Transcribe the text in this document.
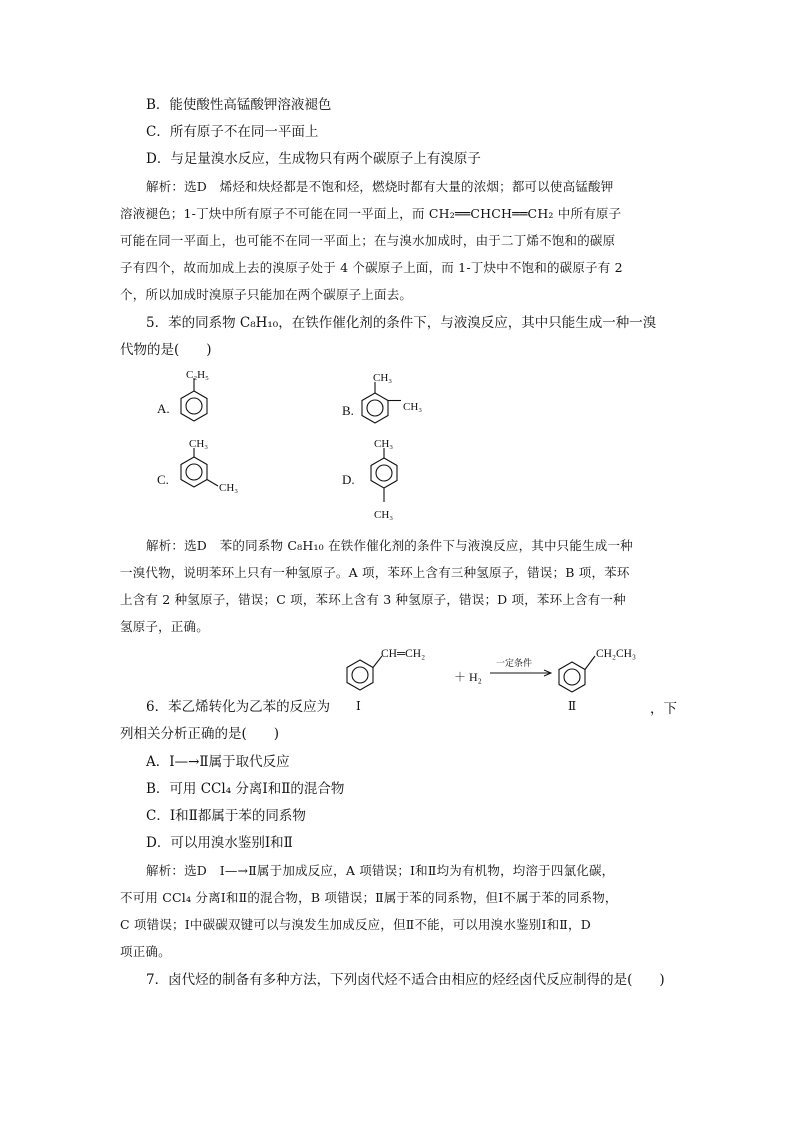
B．能使酸性高锰酸钾溶液褪色
C．所有原子不在同一平面上
D．与足量溴水反应，生成物只有两个碳原子上有溴原子
解析：选D　烯烃和炔烃都是不饱和烃，燃烧时都有大量的浓烟；都可以使高锰酸钾
溶液褪色；1-丁炔中所有原子不可能在同一平面上，而 CH₂══CHCH══CH₂ 中所有原子
可能在同一平面上，也可能不在同一平面上；在与溴水加成时，由于二丁烯不饱和的碳原
子有四个，故而加成上去的溴原子处于 4 个碳原子上面，而 1-丁炔中不饱和的碳原子有 2
个，所以加成时溴原子只能加在两个碳原子上面去。
5．苯的同系物 C₈H₁₀，在铁作催化剂的条件下，与液溴反应，其中只能生成一种一溴
代物的是(　　)
C₂H₅
A.
CH₃
CH₃
B.
CH₃
CH₃
C.
CH₃
CH₃
D.
解析：选D　苯的同系物 C₈H₁₀ 在铁作催化剂的条件下与液溴反应，其中只能生成一种
一溴代物，说明苯环上只有一种氢原子。A 项，苯环上含有三种氢原子，错误；B 项，苯环
上含有 2 种氢原子，错误；C 项，苯环上含有 3 种氢原子，错误；D 项，苯环上含有一种
氢原子，正确。
CH═CH₂
Ⅰ
＋ H₂
一定条件
CH₂CH₃
Ⅱ
6．苯乙烯转化为乙苯的反应为	，下
列相关分析正确的是(　　)
A．Ⅰ—→Ⅱ属于取代反应
B．可用 CCl₄ 分离Ⅰ和Ⅱ的混合物
C．Ⅰ和Ⅱ都属于苯的同系物
D．可以用溴水鉴别Ⅰ和Ⅱ
解析：选D　Ⅰ—→Ⅱ属于加成反应，A 项错误；Ⅰ和Ⅱ均为有机物，均溶于四氯化碳，
不可用 CCl₄ 分离Ⅰ和Ⅱ的混合物，B 项错误；Ⅱ属于苯的同系物，但Ⅰ不属于苯的同系物，
C 项错误；Ⅰ中碳碳双键可以与溴发生加成反应，但Ⅱ不能，可以用溴水鉴别Ⅰ和Ⅱ，D
项正确。
7．卤代烃的制备有多种方法，下列卤代烃不适合由相应的烃经卤代反应制得的是(　　)
